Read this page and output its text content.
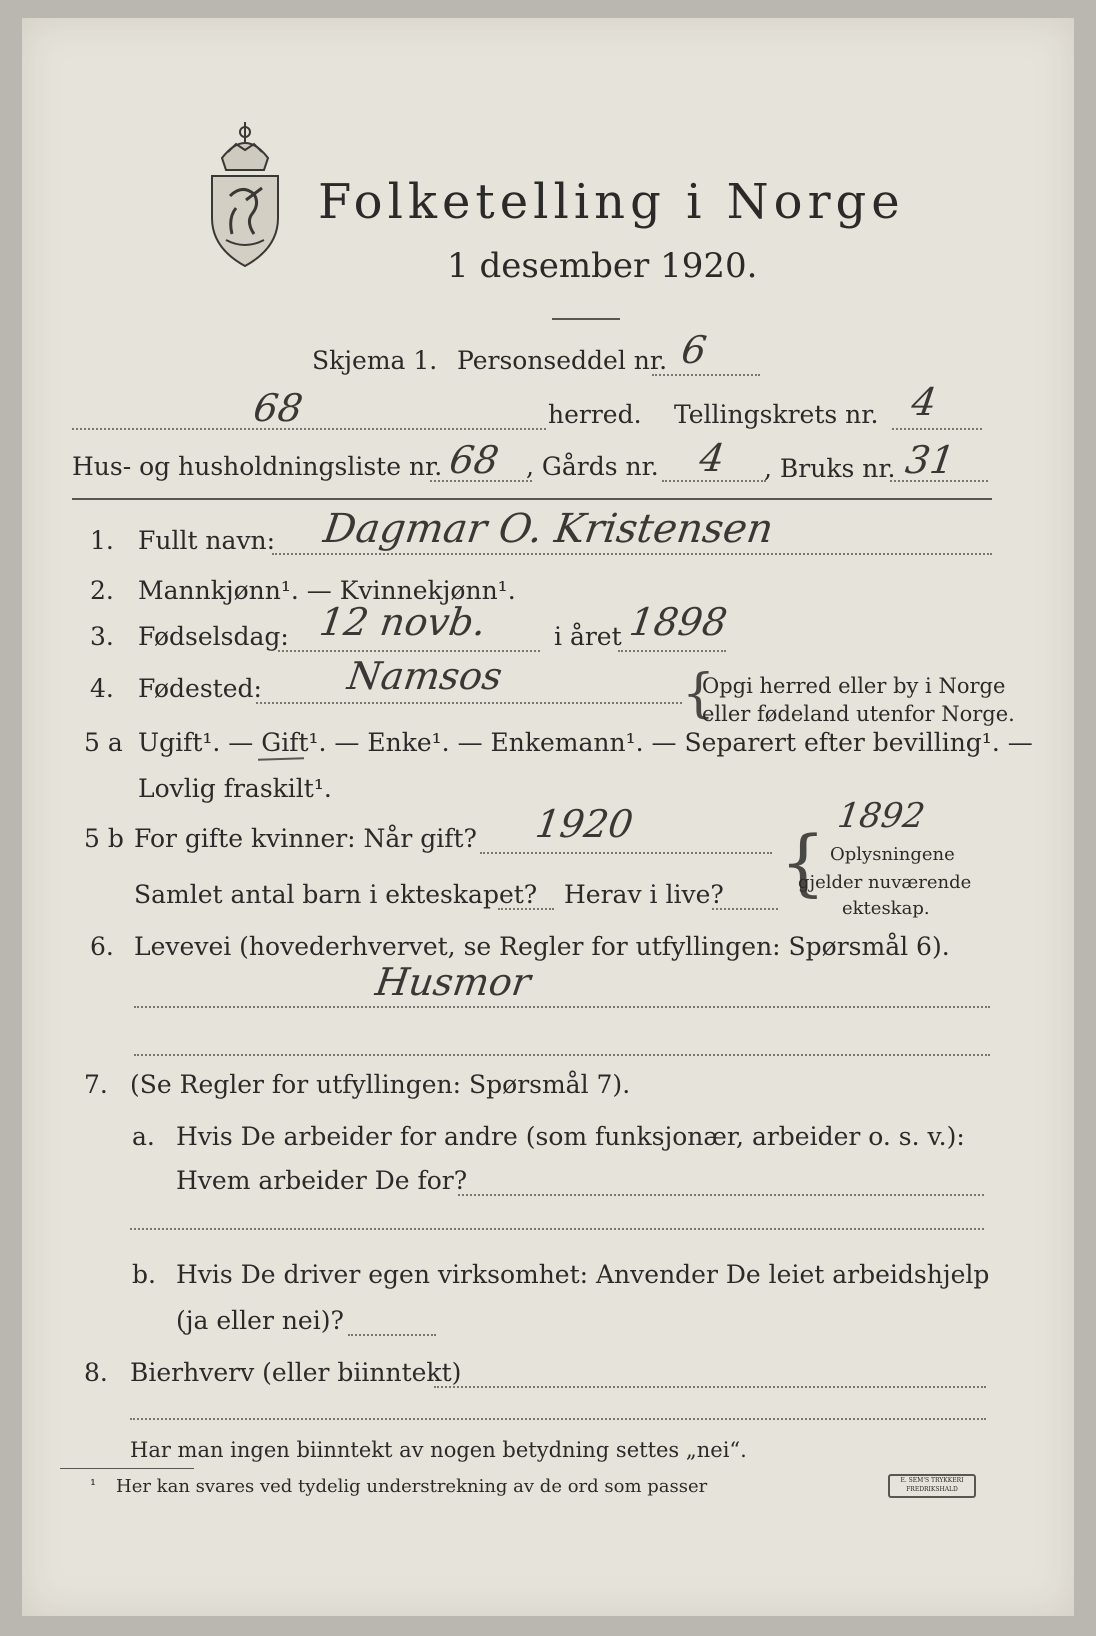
Folketelling i Norge
1 desember 1920.
Skjema 1. Personseddel nr. 6
68	herred. Tellingskrets nr. 4
Hus- og husholdningsliste nr. 68 , Gårds nr. 4 , Bruks nr. 31
1. Fullt navn: Dagmar O. Kristensen
2. Mannkjønn¹. — Kvinnekjønn¹.
3. Fødselsdag: 12 novb.	i året 1898
4. Fødested: Namsos	{
Opgi herred eller by i Norge
eller fødeland utenfor Norge.
5 a Ugift¹. — Gift¹. — Enke¹. — Enkemann¹. — Separert efter bevilling¹. —
Lovlig fraskilt¹.
5 b For gifte kvinner: Når gift? 1920	1892
{ Oplysningene
gjelder nuværende
ekteskap.
Samlet antal barn i ekteskapet? Herav i live?
6. Levevei (hovederhvervet, se Regler for utfyllingen: Spørsmål 6).
Husmor
7. (Se Regler for utfyllingen: Spørsmål 7).
a. Hvis De arbeider for andre (som funksjonær, arbeider o. s. v.):
Hvem arbeider De for?
b. Hvis De driver egen virksomhet: Anvender De leiet arbeidshjelp
(ja eller nei)?
8. Bierhverv (eller biinntekt)
Har man ingen biinntekt av nogen betydning settes „nei“.
¹ Her kan svares ved tydelig understrekning av de ord som passer	E. SEM'S TRYKKERI FREDRIKSHALD
